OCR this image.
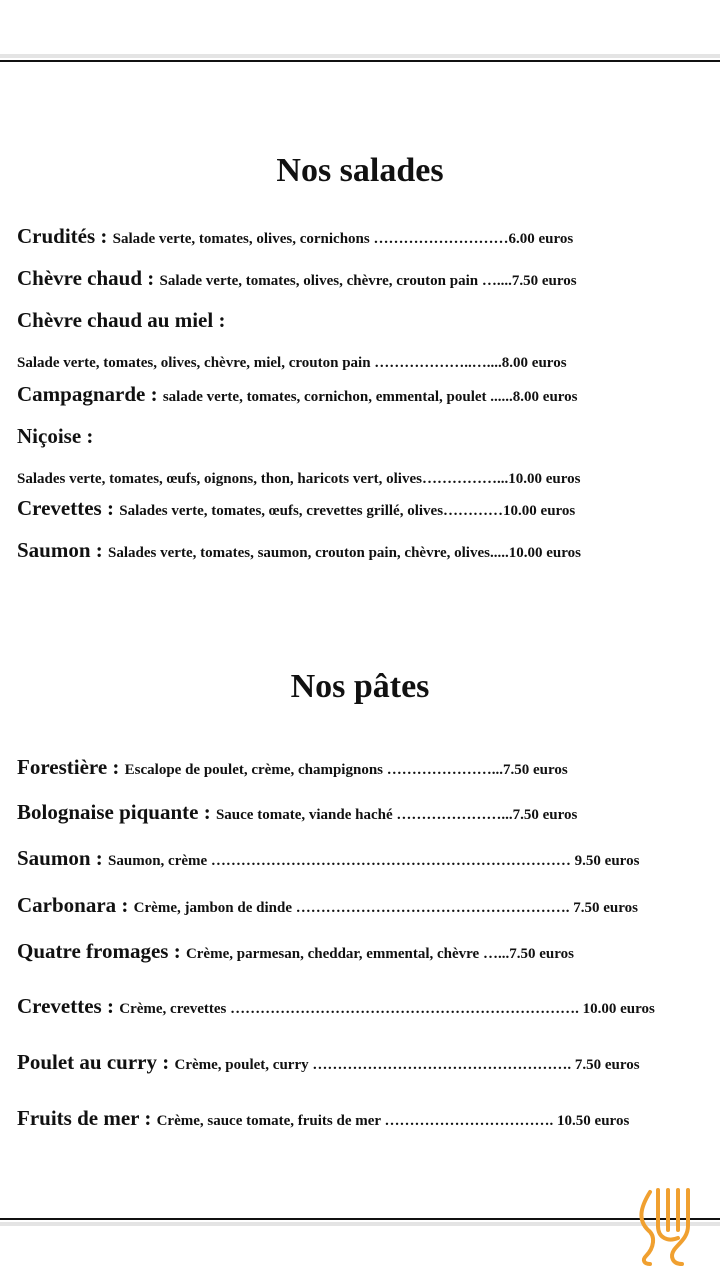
Nos salades

Crudités : Salade verte, tomates, olives, cornichons ………………………6.00 euros

Chèvre chaud : Salade verte, tomates, olives, chèvre, crouton pain …....7.50 euros

Chèvre chaud au miel :

Salade verte, tomates, olives, chèvre, miel, crouton pain ………………..…....8.00 euros

Campagnarde : salade verte, tomates, cornichon, emmental, poulet ......8.00 euros

Niçoise :

Salades verte, tomates, œufs, oignons, thon, haricots vert, olives……………...10.00 euros

Crevettes : Salades verte, tomates, œufs, crevettes grillé, olives…………10.00 euros

Saumon : Salades verte, tomates, saumon, crouton pain, chèvre, olives.....10.00 euros

Nos pâtes

Forestière : Escalope de poulet, crème, champignons …………………...7.50 euros

Bolognaise piquante : Sauce tomate, viande haché …………………...7.50 euros

Saumon : Saumon, crème ……………………………………………………………… 9.50 euros

Carbonara : Crème, jambon de dinde ………………………………………………. 7.50 euros

Quatre fromages : Crème, parmesan, cheddar, emmental, chèvre …...7.50 euros

Crevettes : Crème, crevettes ……………………………………………………………. 10.00 euros

Poulet au curry : Crème, poulet, curry ……………………………………………. 7.50 euros

Fruits de mer : Crème, sauce tomate, fruits de mer ……………………………. 10.50 euros
